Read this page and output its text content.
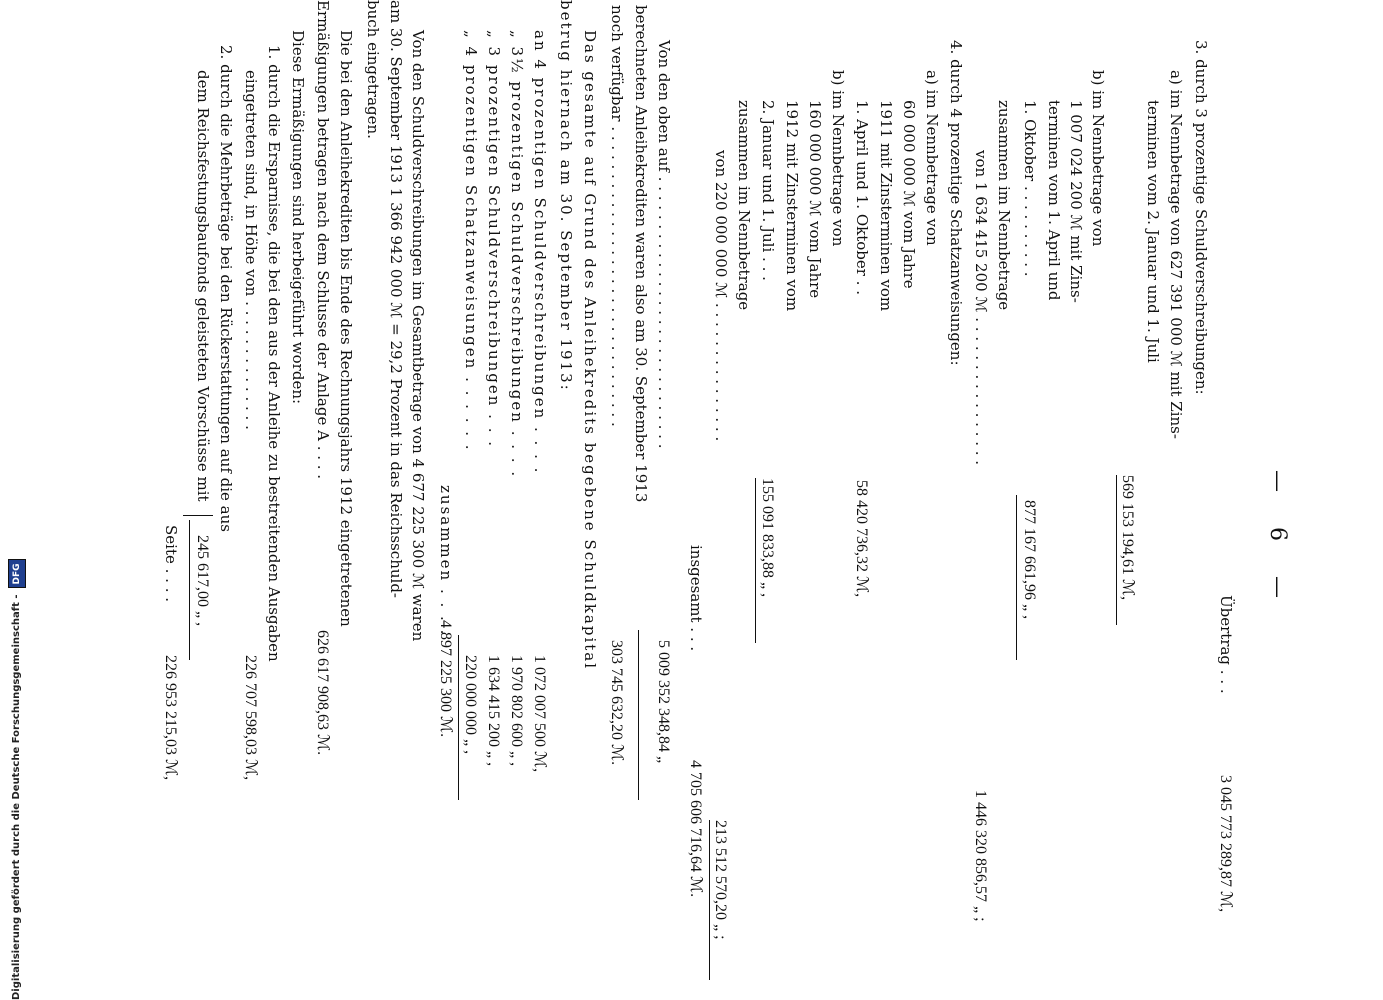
— 6 —
Übertrag . . .
3 045 773 289,87 ℳ,
3. durch 3 prozentige Schuldverschreibungen:
a) im Nennbetrage von 627 391 000 ℳ mit Zins-
terminen vom 2. Januar und 1. Juli
569 153 194,61 ℳ,
b) im Nennbetrage von
1 007 024 200 ℳ mit Zins-
terminen vom 1. April und
1. Oktober . . . . . . . . . .
877 167 661,96 „ ,
zusammen im Nennbetrage
von 1 634 415 200 ℳ . . . . . . . . . . . . . . . .
1 446 320 856,57 „ ;
4. durch 4 prozentige Schatzanweisungen:
a) im Nennbetrage von
60 000 000 ℳ vom Jahre
1911 mit Zinsterminen vom
1. April und 1. Oktober . .
58 420 736,32 ℳ,
b) im Nennbetrage von
160 000 000 ℳ vom Jahre
1912 mit Zinsterminen vom
2. Januar und 1. Juli . . .
155 091 833,88 „ ,
zusammen im Nennbetrage
von 220 000 000 ℳ . . . . . . . . . . . . . . .
213 512 570,20 „ ;
insgesamt . . .
4 705 606 716,64 ℳ.
Von den oben auf . . . . . . . . . . . . . . . . . . . . . . . . . . . . .
5 009 352 348,84 „
berechneten Anleihekrediten waren also am 30. September 1913
noch verfügbar . . . . . . . . . . . . . . . . . . . . . . . . . . . . . . . .
303 745 632,20 ℳ.
Das gesamte auf Grund des Anleihekredits begebene Schuldkapital
betrug hiernach am 30. September 1913:
an 4 prozentigen Schuldverschreibungen . . . .
1 072 007 500 ℳ,
„ 3½ prozentigen Schuldverschreibungen . . . .
1 970 802 600 „ ,
„ 3 prozentigen Schuldverschreibungen . . .
1 634 415 200 „ ,
„ 4 prozentigen Schatzanweisungen . . . . . .
220 000 000 „ ,
zusammen . . . .
4 897 225 300 ℳ.
Von den Schuldverschreibungen im Gesamtbetrage von 4 677 225 300 ℳ waren
am 30. September 1913 1 366 942 000 ℳ = 29,2 Prozent in das Reichsschuld-
buch eingetragen.
Die bei den Anleihekrediten bis Ende des Rechnungsjahrs 1912 eingetretenen
Ermäßigungen betragen nach dem Schlusse der Anlage A . . . .
626 617 908,63 ℳ.
Diese Ermäßigungen sind herbeigeführt worden:
1. durch die Ersparnisse, die bei den aus der Anleihe zu bestreitenden Ausgaben
eingetreten sind, in Höhe von . . . . . . . . . . . . . .
226 707 598,03 ℳ,
2. durch die Mehrbeträge bei den Rückerstattungen auf die aus
dem Reichsfestungsbaufonds geleisteten Vorschüsse mit
245 617,00 „ ,
Seite . . . .
226 953 215,03 ℳ,
Digitalisierung gefördert durch die Deutsche Forschungsgemeinschaft -DFG
